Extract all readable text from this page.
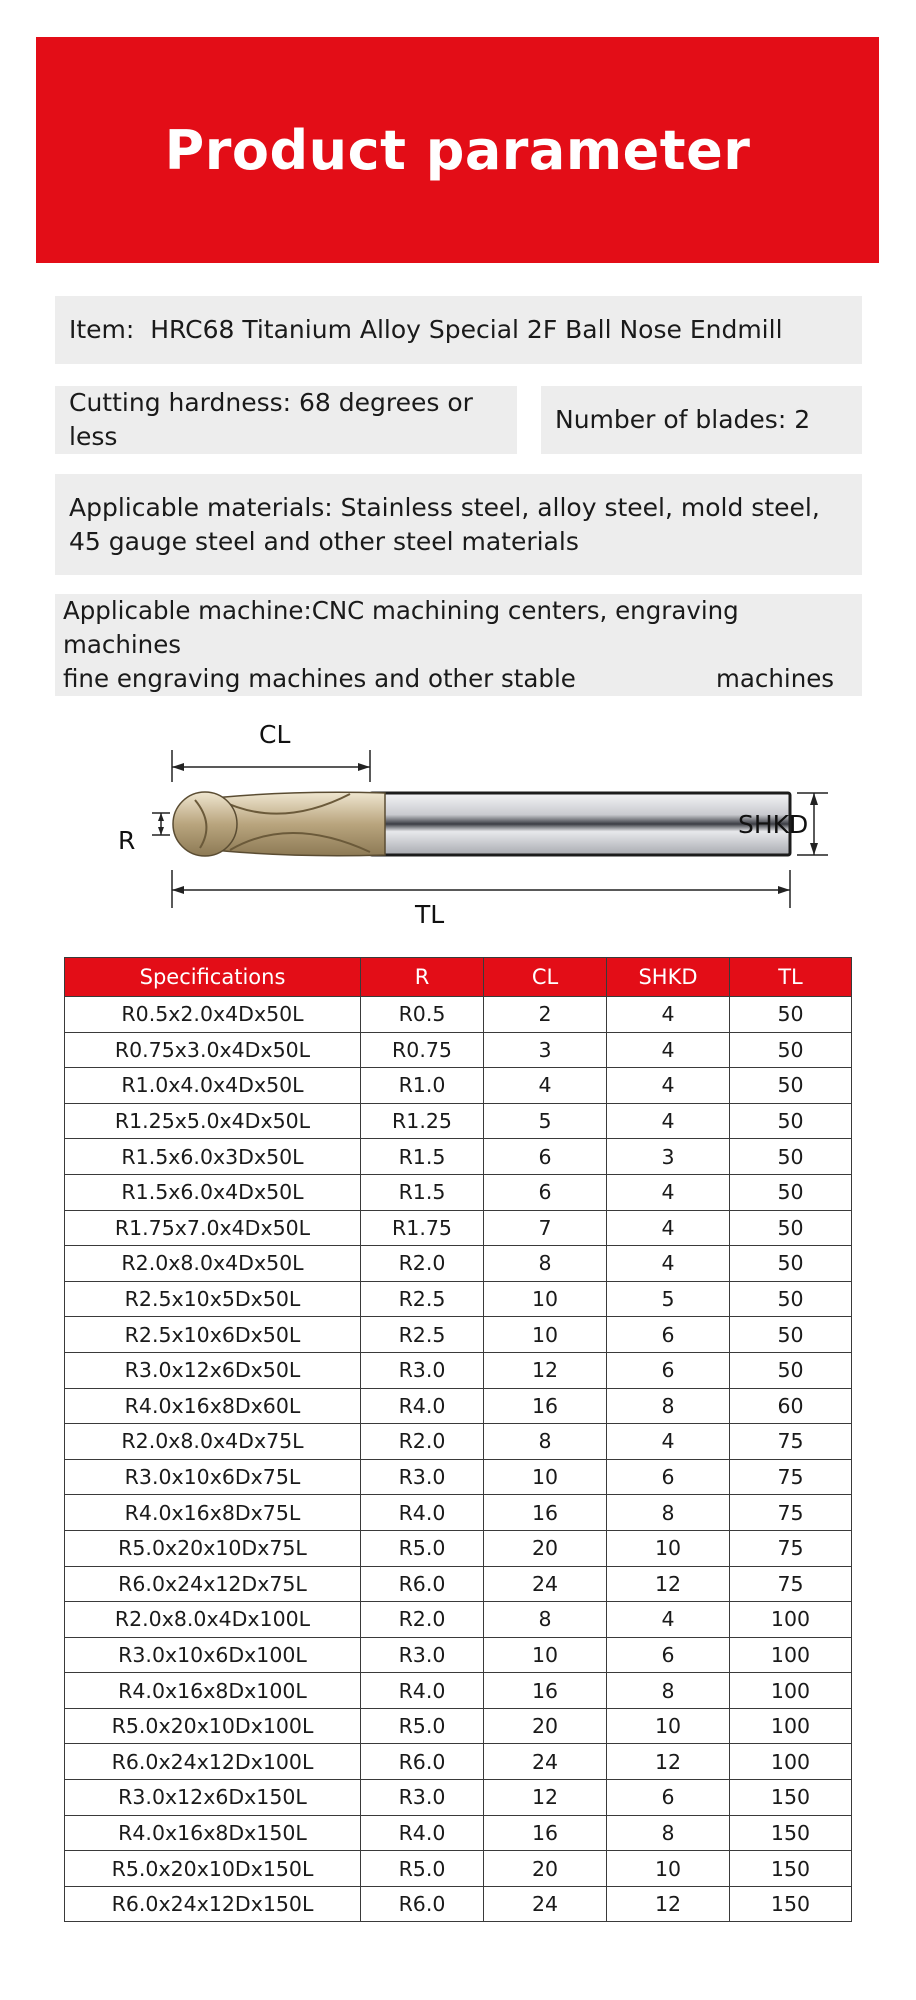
Product parameter
Item:  HRC68 Titanium Alloy Special 2F Ball Nose Endmill
Cutting hardness: 68 degrees or less
Number of blades: 2
Applicable materials: Stainless steel, alloy steel, mold steel, 45 gauge steel and other steel materials
Applicable machine:CNC machining centers, engraving machines
fine engraving machines and other stable                  machines
CL
R
SHKD
TL
Specifications	R	CL	SHKD	TL
R0.5x2.0x4Dx50L	R0.5	2	4	50
R0.75x3.0x4Dx50L	R0.75	3	4	50
R1.0x4.0x4Dx50L	R1.0	4	4	50
R1.25x5.0x4Dx50L	R1.25	5	4	50
R1.5x6.0x3Dx50L	R1.5	6	3	50
R1.5x6.0x4Dx50L	R1.5	6	4	50
R1.75x7.0x4Dx50L	R1.75	7	4	50
R2.0x8.0x4Dx50L	R2.0	8	4	50
R2.5x10x5Dx50L	R2.5	10	5	50
R2.5x10x6Dx50L	R2.5	10	6	50
R3.0x12x6Dx50L	R3.0	12	6	50
R4.0x16x8Dx60L	R4.0	16	8	60
R2.0x8.0x4Dx75L	R2.0	8	4	75
R3.0x10x6Dx75L	R3.0	10	6	75
R4.0x16x8Dx75L	R4.0	16	8	75
R5.0x20x10Dx75L	R5.0	20	10	75
R6.0x24x12Dx75L	R6.0	24	12	75
R2.0x8.0x4Dx100L	R2.0	8	4	100
R3.0x10x6Dx100L	R3.0	10	6	100
R4.0x16x8Dx100L	R4.0	16	8	100
R5.0x20x10Dx100L	R5.0	20	10	100
R6.0x24x12Dx100L	R6.0	24	12	100
R3.0x12x6Dx150L	R3.0	12	6	150
R4.0x16x8Dx150L	R4.0	16	8	150
R5.0x20x10Dx150L	R5.0	20	10	150
R6.0x24x12Dx150L	R6.0	24	12	150
